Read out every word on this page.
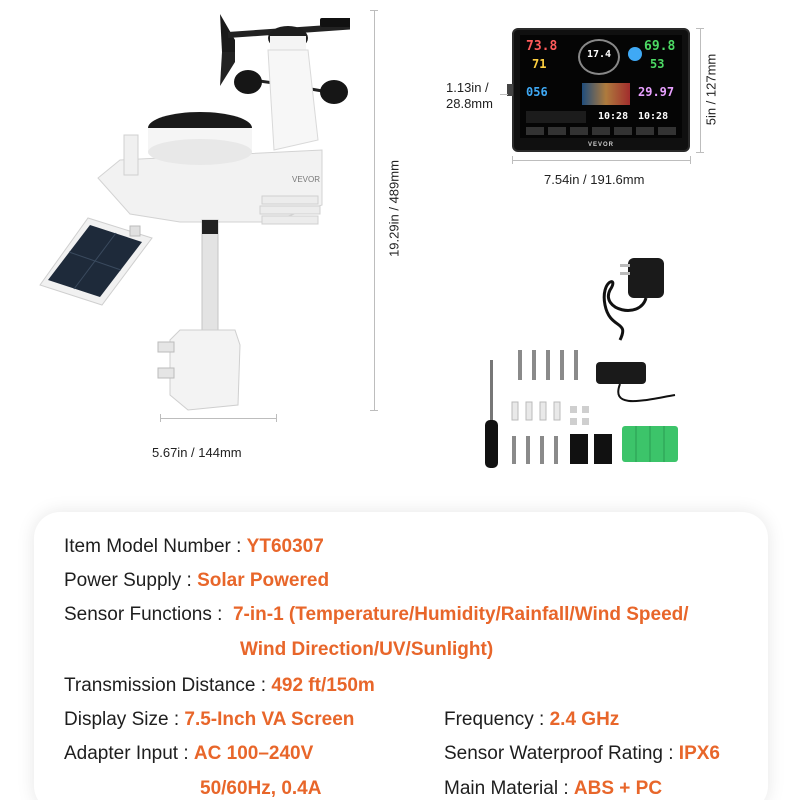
VEVOR	19.29in / 489mm
5.67in / 144mm
73.8
71
17.4
69.8
53
056	29.97
10:28 10:28
VEVOR
1.13in /
28.8mm	5in / 127mm
7.54in / 191.6mm
Item Model Number : YT60307
Power Supply : Solar Powered
Sensor Functions :  7-in-1 (Temperature/Humidity/Rainfall/Wind Speed/
Wind Direction/UV/Sunlight)
Transmission Distance : 492 ft/150m
Display Size : 7.5-Inch VA Screen	Frequency : 2.4 GHz
Adapter Input : AC 100–240V	Sensor Waterproof Rating : IPX6
50/60Hz, 0.4A	Main Material : ABS + PC
